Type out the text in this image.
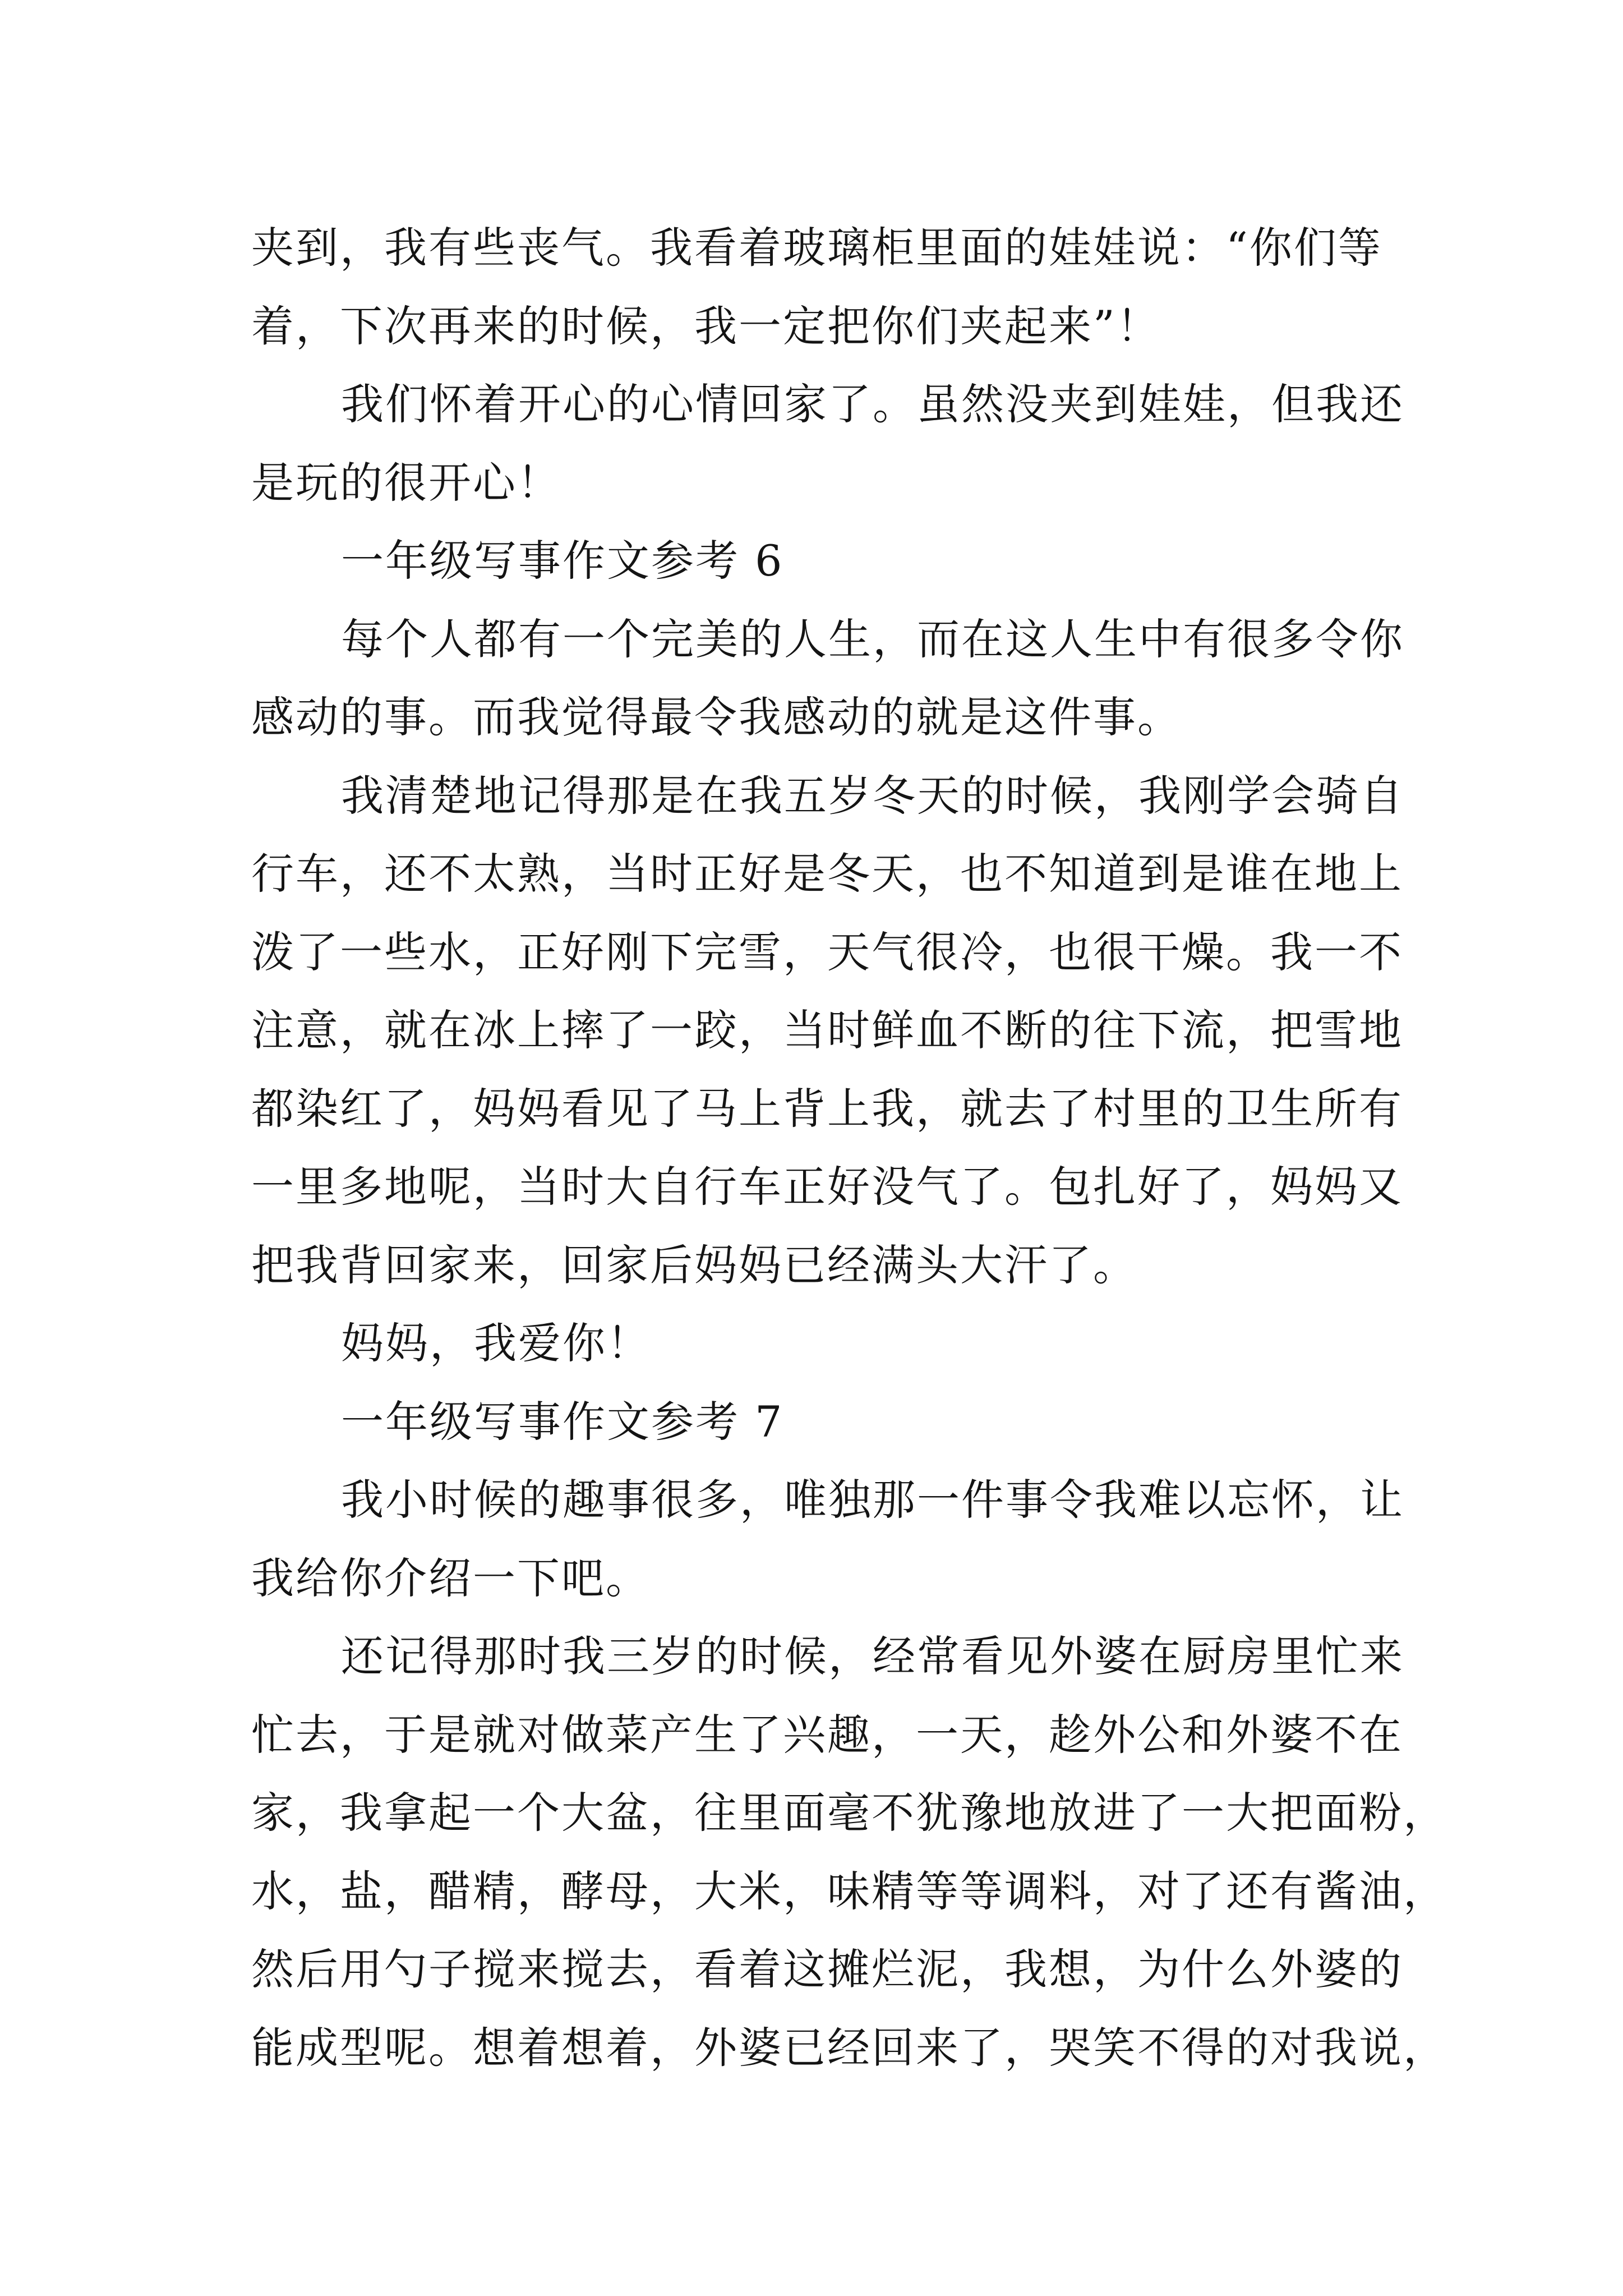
夹到，我有些丧气。我看着玻璃柜里面的娃娃说：“你们等
着，下次再来的时候，我一定把你们夹起来”！
我们怀着开心的心情回家了。虽然没夹到娃娃，但我还
是玩的很开心！
一年级写事作文参考 6
每个人都有一个完美的人生，而在这人生中有很多令你
感动的事。而我觉得最令我感动的就是这件事。
我清楚地记得那是在我五岁冬天的时候，我刚学会骑自
行车，还不太熟，当时正好是冬天，也不知道到是谁在地上
泼了一些水，正好刚下完雪，天气很冷，也很干燥。我一不
注意，就在冰上摔了一跤，当时鲜血不断的往下流，把雪地
都染红了，妈妈看见了马上背上我，就去了村里的卫生所有
一里多地呢，当时大自行车正好没气了。包扎好了，妈妈又
把我背回家来，回家后妈妈已经满头大汗了。
妈妈，我爱你！
一年级写事作文参考 7
我小时候的趣事很多，唯独那一件事令我难以忘怀，让
我给你介绍一下吧。
还记得那时我三岁的时候，经常看见外婆在厨房里忙来
忙去，于是就对做菜产生了兴趣，一天，趁外公和外婆不在
家，我拿起一个大盆，往里面毫不犹豫地放进了一大把面粉，
水，盐，醋精，酵母，大米，味精等等调料，对了还有酱油，
然后用勺子搅来搅去，看着这摊烂泥，我想，为什么外婆的
能成型呢。想着想着，外婆已经回来了，哭笑不得的对我说，
